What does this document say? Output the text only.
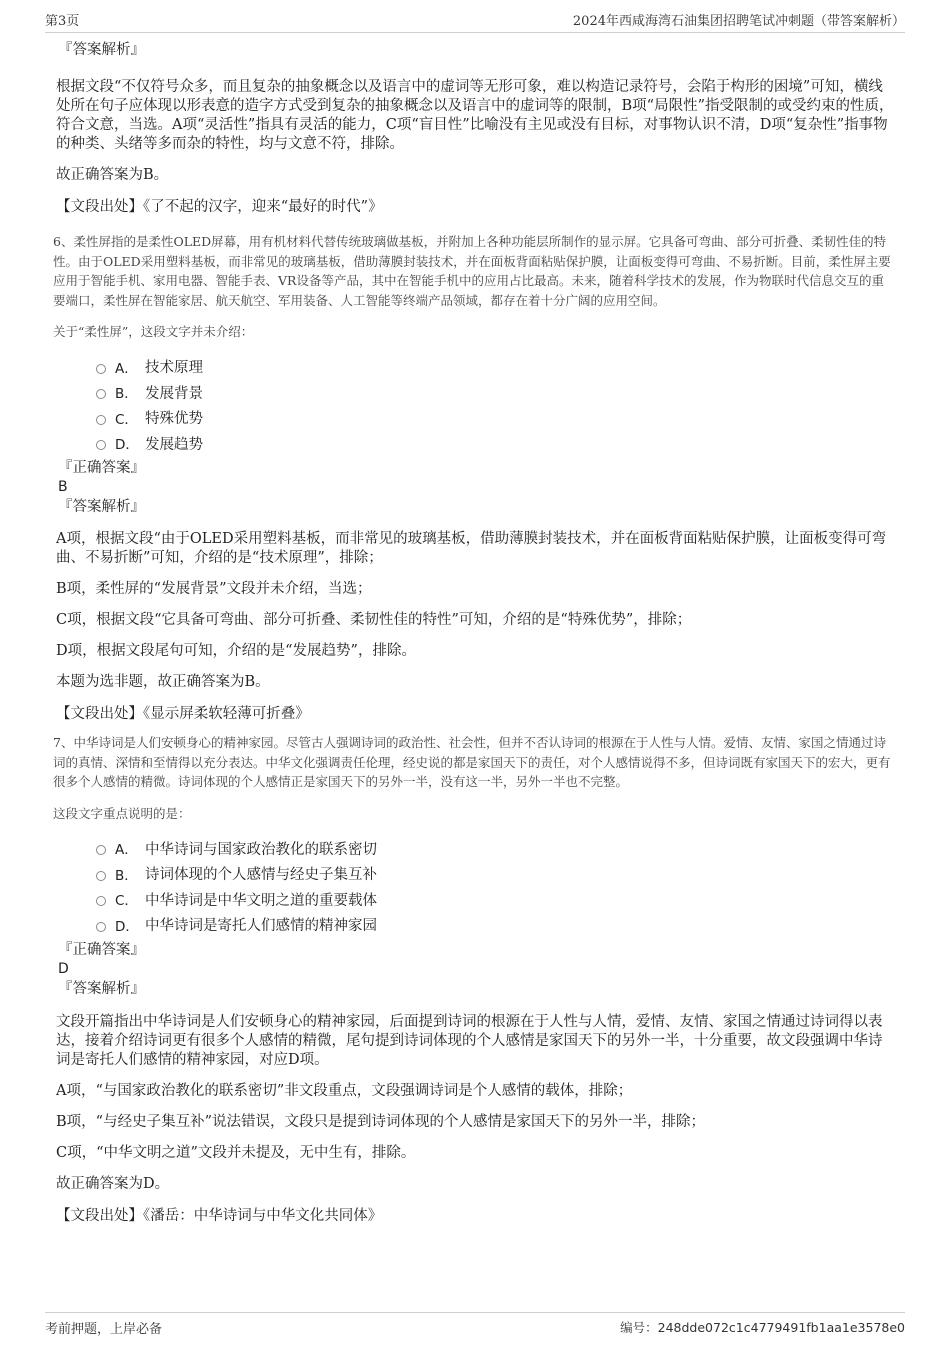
第3页	2024年西咸海湾石油集团招聘笔试冲刺题（带答案解析）
『答案解析』

根据文段“不仅符号众多，而且复杂的抽象概念以及语言中的虚词等无形可象，难以构造记录符号，会陷于构形的困境”可知，横线处所在句子应体现以形表意的造字方式受到复杂的抽象概念以及语言中的虚词等的限制，B项“局限性”指受限制的或受约束的性质，符合文意，当选。A项“灵活性”指具有灵活的能力，C项“盲目性”比喻没有主见或没有目标，对事物认识不清，D项“复杂性”指事物的种类、头绪等多而杂的特性，均与文意不符，排除。

故正确答案为B。

【文段出处】《了不起的汉字，迎来“最好的时代”》
6、柔性屏指的是柔性OLED屏幕，用有机材料代替传统玻璃做基板，并附加上各种功能层所制作的显示屏。它具备可弯曲、部分可折叠、柔韧性佳的特性。由于OLED采用塑料基板，而非常见的玻璃基板，借助薄膜封装技术，并在面板背面粘贴保护膜，让面板变得可弯曲、不易折断。目前，柔性屏主要应用于智能手机、家用电器、智能手表、VR设备等产品，其中在智能手机中的应用占比最高。未来，随着科学技术的发展，作为物联时代信息交互的重要端口，柔性屏在智能家居、航天航空、军用装备、人工智能等终端产品领域，都存在着十分广阔的应用空间。
关于“柔性屏”，这段文字并未介绍：
A． 技术原理
B． 发展背景
C． 特殊优势
D． 发展趋势
『正确答案』
B
『答案解析』

A项，根据文段“由于OLED采用塑料基板，而非常见的玻璃基板，借助薄膜封装技术，并在面板背面粘贴保护膜，让面板变得可弯曲、不易折断”可知，介绍的是“技术原理”，排除；

B项，柔性屏的“发展背景”文段并未介绍，当选；

C项，根据文段“它具备可弯曲、部分可折叠、柔韧性佳的特性”可知，介绍的是“特殊优势”，排除；

D项，根据文段尾句可知，介绍的是“发展趋势”，排除。

本题为选非题，故正确答案为B。

【文段出处】《显示屏柔软轻薄可折叠》
7、中华诗词是人们安顿身心的精神家园。尽管古人强调诗词的政治性、社会性，但并不否认诗词的根源在于人性与人情。爱情、友情、家国之情通过诗词的真情、深情和至情得以充分表达。中华文化强调责任伦理，经史说的都是家国天下的责任，对个人感情说得不多，但诗词既有家国天下的宏大，更有很多个人感情的精微。诗词体现的个人感情正是家国天下的另外一半，没有这一半，另外一半也不完整。
这段文字重点说明的是：
A． 中华诗词与国家政治教化的联系密切
B． 诗词体现的个人感情与经史子集互补
C． 中华诗词是中华文明之道的重要载体
D． 中华诗词是寄托人们感情的精神家园
『正确答案』
D
『答案解析』

文段开篇指出中华诗词是人们安顿身心的精神家园，后面提到诗词的根源在于人性与人情，爱情、友情、家国之情通过诗词得以表达，接着介绍诗词更有很多个人感情的精微，尾句提到诗词体现的个人感情是家国天下的另外一半，十分重要，故文段强调中华诗词是寄托人们感情的精神家园，对应D项。

A项，“与国家政治教化的联系密切”非文段重点，文段强调诗词是个人感情的载体，排除；

B项，“与经史子集互补”说法错误，文段只是提到诗词体现的个人感情是家国天下的另外一半，排除；

C项，“中华文明之道”文段并未提及，无中生有，排除。

故正确答案为D。

【文段出处】《潘岳：中华诗词与中华文化共同体》
考前押题，上岸必备	编号：248dde072c1c4779491fb1aa1e3578e0
